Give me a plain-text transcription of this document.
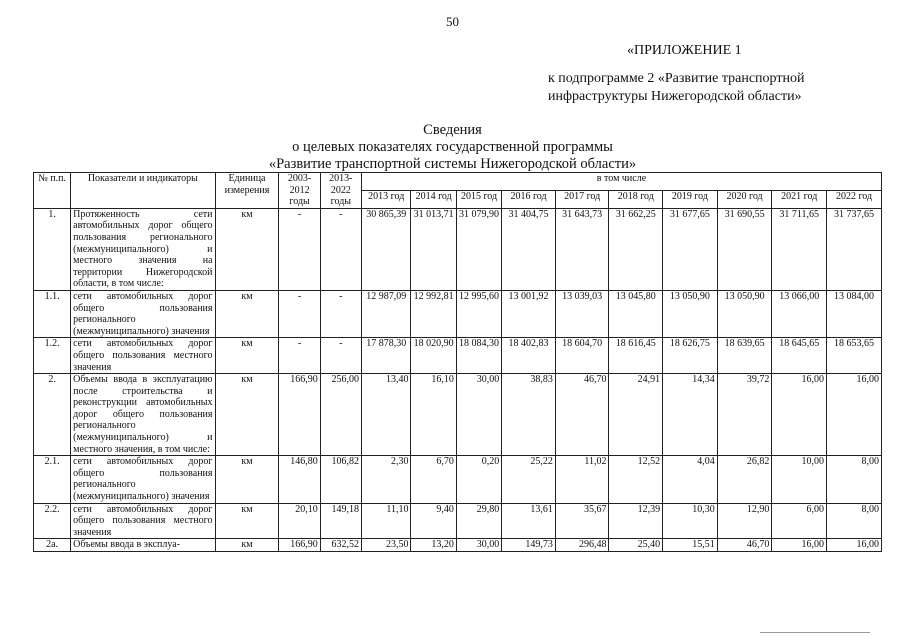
50
«ПРИЛОЖЕНИЕ 1
к подпрограмме 2 «Развитие транспортной
инфраструктуры Нижегородской области»
Сведения
о целевых показателях государственной программы
«Развитие транспортной системы Нижегородской области»
№ п.п.	Показатели и индикаторы	Единица измерения	2003-2012 годы	2013-2022 годы	в том числе									
					2013 год	2014 год	2015 год	2016 год	2017 год	2018 год	2019 год	2020 год	2021 год	2022 год
1.	Протяженность сети автомобильных дорог общего пользования регионального (межмуниципального) и местного значения на территории Нижегородской области, в том числе:	км	-	-	30 865,39	31 013,71	31 079,90	31 404,75	31 643,73	31 662,25	31 677,65	31 690,55	31 711,65	31 737,65
1.1.	сети автомобильных дорог общего пользования регионального (межмуниципального) значения	км	-	-	12 987,09	12 992,81	12 995,60	13 001,92	13 039,03	13 045,80	13 050,90	13 050,90	13 066,00	13 084,00
1.2.	сети автомобильных дорог общего пользования местного значения	км	-	-	17 878,30	18 020,90	18 084,30	18 402,83	18 604,70	18 616,45	18 626,75	18 639,65	18 645,65	18 653,65
2.	Объемы ввода в эксплуатацию после строительства и реконструкции автомобильных дорог общего пользования регионального (межмуниципального) и местного значения, в том числе:	км	166,90	256,00	13,40	16,10	30,00	38,83	46,70	24,91	14,34	39,72	16,00	16,00
2.1.	сети автомобильных дорог общего пользования регионального (межмуниципального) значения	км	146,80	106,82	2,30	6,70	0,20	25,22	11,02	12,52	4,04	26,82	10,00	8,00
2.2.	сети автомобильных дорог общего пользования местного значения	км	20,10	149,18	11,10	9,40	29,80	13,61	35,67	12,39	10,30	12,90	6,00	8,00
2а.	Объемы ввода в эксплуа-	км	166,90	632,52	23,50	13,20	30,00	149,73	296,48	25,40	15,51	46,70	16,00	16,00
